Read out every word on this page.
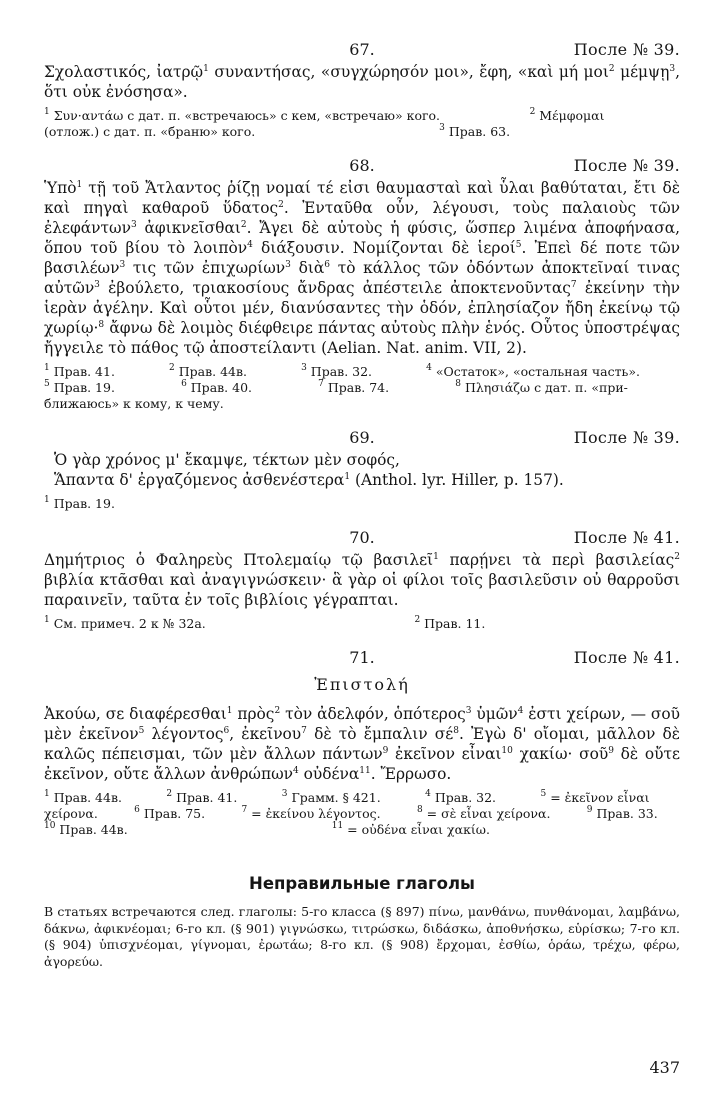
67.	После № 39.

Σχολαστικός, ἰατρῷ$^1$ συναντήσας, «συγχώρησόν μοι», ἔφη, «καὶ μή μοι$^2$ μέμψῃ$^3$, ὅτι οὐκ ἐνόσησα».

$^1$ Συν·αντάω с дат. п. «встречаюсь» с кем, «встречаю» кого.	$^2$ Μέμφομαι
(отлож.) с дат. п. «браню» кого.	$^3$ Прав. 63.
68.	После № 39.

Ὑπὸ$^1$ τῇ τοῦ Ἄτλαντος ῥίζῃ νομαί τέ εἰσι θαυμασταὶ καὶ ὗλαι βαθύταται, ἔτι δὲ καὶ πηγαὶ καθαροῦ ὕδατος$^2$. Ἐνταῦθα οὖν, λέγουσι, τοὺς παλαιοὺς τῶν ἐλεφάντων$^3$ ἀφικνεῖσθαι$^2$. Ἄγει δὲ αὐτοὺς ἡ φύσις, ὥσπερ λιμένα ἀποφήνασα, ὅπου τοῦ βίου τὸ λοιπὸν$^4$ διάξουσιν. Νομίζονται δὲ ἱεροί$^5$. Ἐπεὶ δέ ποτε τῶν βασιλέων$^3$ τις τῶν ἐπιχωρίων$^3$ διὰ$^6$ τὸ κάλλος τῶν ὀδόντων ἀποκτεῖναί τινας αὐτῶν$^3$ ἐβούλετο, τριακοσίους ἄνδρας ἀπέστειλε ἀποκτενοῦντας$^7$ ἐκείνην τὴν ἱερὰν ἀγέλην. Καὶ οὗτοι μέν, διανύσαντες τὴν ὁδόν, ἐπλησίαζον ἤδη ἐκείνῳ τῷ χωρίῳ·$^8$ ἄφνω δὲ λοιμὸς διέφθειρε πάντας αὐτοὺς πλὴν ἑνός. Οὗτος ὑποστρέψας ἤγγειλε τὸ πάθος τῷ ἀποστείλαντι (Aelian. Nat. anim. VII, 2).

$^1$ Прав. 41.	$^2$ Прав. 44в.	$^3$ Прав. 32.	$^4$ «Остаток», «остальная часть».
$^5$ Прав. 19.	$^6$ Прав. 40.	$^7$ Прав. 74.	$^8$ Πλησιάζω с дат. п. «при-
ближаюсь» к кому, к чему.
69.	После № 39.

Ὁ γὰρ χρόνος μ' ἔκαμψε, τέκτων μὲν σοφός,

Ἅπαντα δ' ἐργαζόμενος ἀσθενέστερα$^1$ (Anthol. lyr. Hiller, p. 157).

$^1$ Прав. 19.
70.	После № 41.

Δημήτριος ὁ Φαληρεὺς Πτολεμαίῳ τῷ βασιλεῖ$^1$ παρῄνει τὰ περὶ βασιλείας$^2$ βιβλία κτᾶσθαι καὶ ἀναγιγνώσκειν· ἃ γὰρ οἱ φίλοι τοῖς βασιλεῦσιν οὐ θαρροῦσι παραινεῖν, ταῦτα ἐν τοῖς βιβλίοις γέγραπται.

$^1$ См. примеч. 2 к № 32а.	$^2$ Прав. 11.
71.	После № 41.
Ἐπιστολή

Ἀκούω, σε διαφέρεσθαι$^1$ πρὸς$^2$ τὸν ἀδελφόν, ὁπότερος$^3$ ὑμῶν$^4$ ἐστι χείρων, — σοῦ μὲν ἐκεῖνον$^5$ λέγοντος$^6$, ἐκεῖνου$^7$ δὲ τὸ ἔμπαλιν $\sigma έ^8$. Ἐγὼ δ' οἴομαι, μᾶλλον δὲ καλῶς πέπεισμαι, τῶν μὲν ἄλλων πάντων$^9$ ἐκεῖνον εἶναι$^{10}$ χακίω· σοῦ$^9$ δὲ οὔτε ἐκεῖνον, οὔτε ἄλλων ἀνθρώπων$^4$ οὐδένα$^{11}$. Ἔρρωσο.

$^1$ Прав. 44в.	$^2$ Прав. 41.	$^3$ Грамм. § 421.	$^4$ Прав. 32.	$^5$ = ἐκεῖνον εἶναι
χείρονα.	$^6$ Прав. 75.	$^7$ = ἐκείνου λέγοντος.	$^8$ = σὲ εἶναι χείρονα.	$^9$ Прав. 33.
$^{10}$ Прав. 44в.	$^{11}$ = οὐδένα εἶναι χακίω.
Неправильные глаголы
В статьях встречаются след. глаголы: 5-го класса (§ 897) πίνω, μανθάνω, πυνθάνομαι, λαμβάνω, δάκνω, ἀφικνέομαι; 6-го кл. (§ 901) γιγνώσκω, τιτρώσκω, διδάσκω, ἀποθνήσκω, εὑρίσκω; 7-го кл. (§ 904) ὑπισχνέομαι, γίγνομαι, ἐρωτάω; 8-го кл. (§ 908) ἔρχομαι, ἐσθίω, ὁράω, τρέχω, φέρω, ἀγορεύω.
437
